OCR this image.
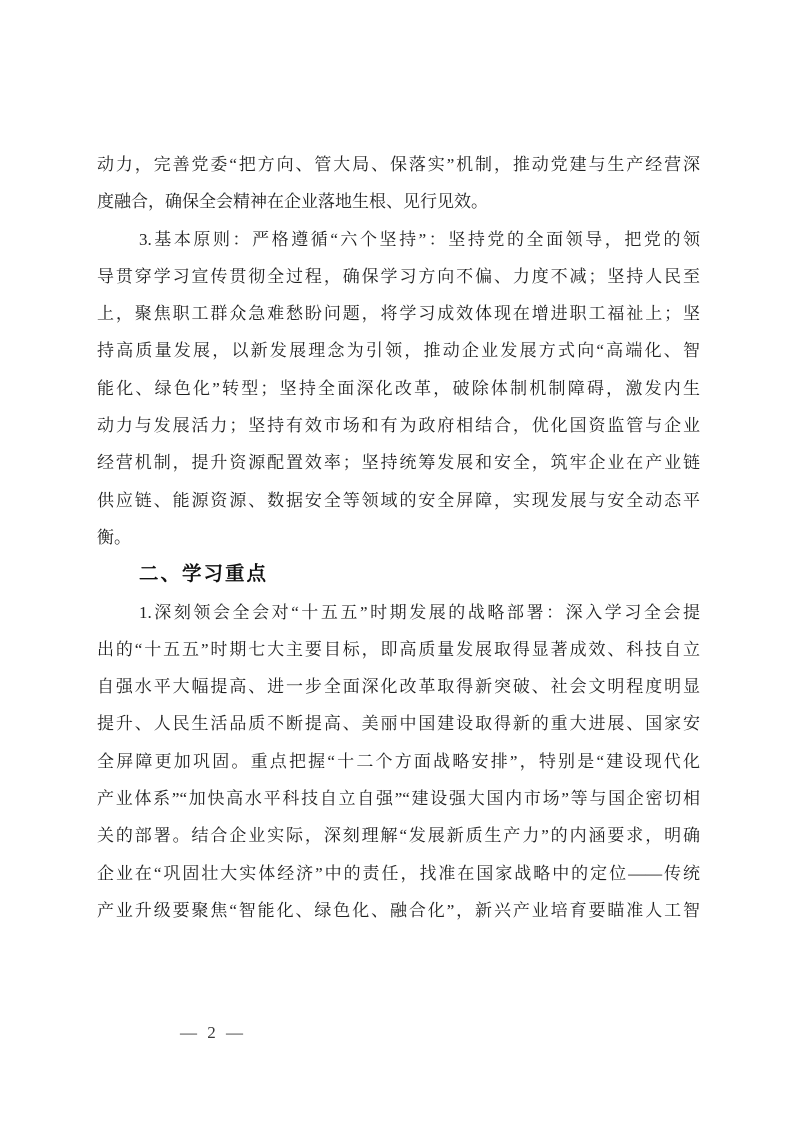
动力，完善党委“把方向、管大局、保落实”机制，推动党建与生产经营深
度融合，确保全会精神在企业落地生根、见行见效。
3.基本原则：严格遵循“六个坚持”：坚持党的全面领导，把党的领
导贯穿学习宣传贯彻全过程，确保学习方向不偏、力度不减；坚持人民至
上，聚焦职工群众急难愁盼问题，将学习成效体现在增进职工福祉上；坚
持高质量发展，以新发展理念为引领，推动企业发展方式向“高端化、智
能化、绿色化”转型；坚持全面深化改革，破除体制机制障碍，激发内生
动力与发展活力；坚持有效市场和有为政府相结合，优化国资监管与企业
经营机制，提升资源配置效率；坚持统筹发展和安全，筑牢企业在产业链
供应链、能源资源、数据安全等领域的安全屏障，实现发展与安全动态平
衡。
二、学习重点
1.深刻领会全会对“十五五”时期发展的战略部署：深入学习全会提
出的“十五五”时期七大主要目标，即高质量发展取得显著成效、科技自立
自强水平大幅提高、进一步全面深化改革取得新突破、社会文明程度明显
提升、人民生活品质不断提高、美丽中国建设取得新的重大进展、国家安
全屏障更加巩固。重点把握“十二个方面战略安排”，特别是“建设现代化
产业体系”“加快高水平科技自立自强”“建设强大国内市场”等与国企密切相
关的部署。结合企业实际，深刻理解“发展新质生产力”的内涵要求，明确
企业在“巩固壮大实体经济”中的责任，找准在国家战略中的定位——传统
产业升级要聚焦“智能化、绿色化、融合化”，新兴产业培育要瞄准人工智
— 2 —
